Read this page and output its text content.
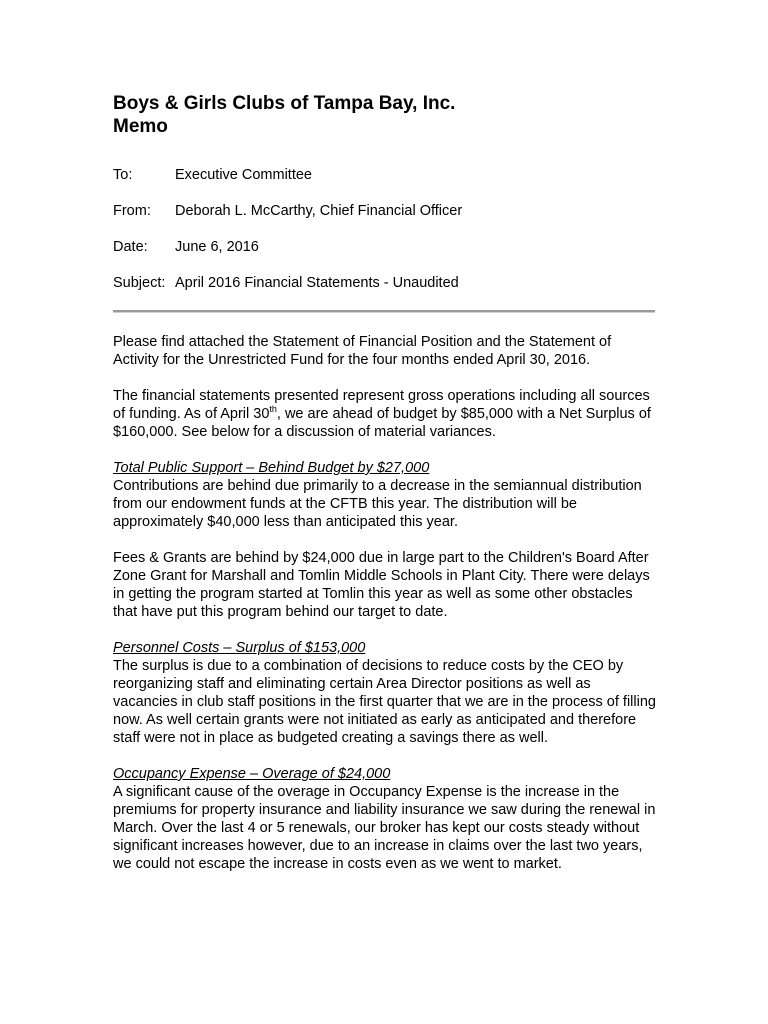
Boys & Girls Clubs of Tampa Bay, Inc.
Memo
To:	Executive Committee
From:	Deborah L. McCarthy, Chief Financial Officer
Date:	June 6, 2016
Subject: April 2016 Financial Statements - Unaudited

Please find attached the Statement of Financial Position and the Statement of Activity for the Unrestricted Fund for the four months ended April 30, 2016.

The financial statements presented represent gross operations including all sources of funding. As of April 30th, we are ahead of budget by $85,000 with a Net Surplus of $160,000. See below for a discussion of material variances.

Total Public Support – Behind Budget by $27,000
Contributions are behind due primarily to a decrease in the semiannual distribution from our endowment funds at the CFTB this year. The distribution will be approximately $40,000 less than anticipated this year.

Fees & Grants are behind by $24,000 due in large part to the Children's Board After Zone Grant for Marshall and Tomlin Middle Schools in Plant City. There were delays in getting the program started at Tomlin this year as well as some other obstacles that have put this program behind our target to date.

Personnel Costs – Surplus of $153,000
The surplus is due to a combination of decisions to reduce costs by the CEO by reorganizing staff and eliminating certain Area Director positions as well as vacancies in club staff positions in the first quarter that we are in the process of filling now. As well certain grants were not initiated as early as anticipated and therefore staff were not in place as budgeted creating a savings there as well.

Occupancy Expense – Overage of $24,000
A significant cause of the overage in Occupancy Expense is the increase in the premiums for property insurance and liability insurance we saw during the renewal in March. Over the last 4 or 5 renewals, our broker has kept our costs steady without significant increases however, due to an increase in claims over the last two years, we could not escape the increase in costs even as we went to market.
